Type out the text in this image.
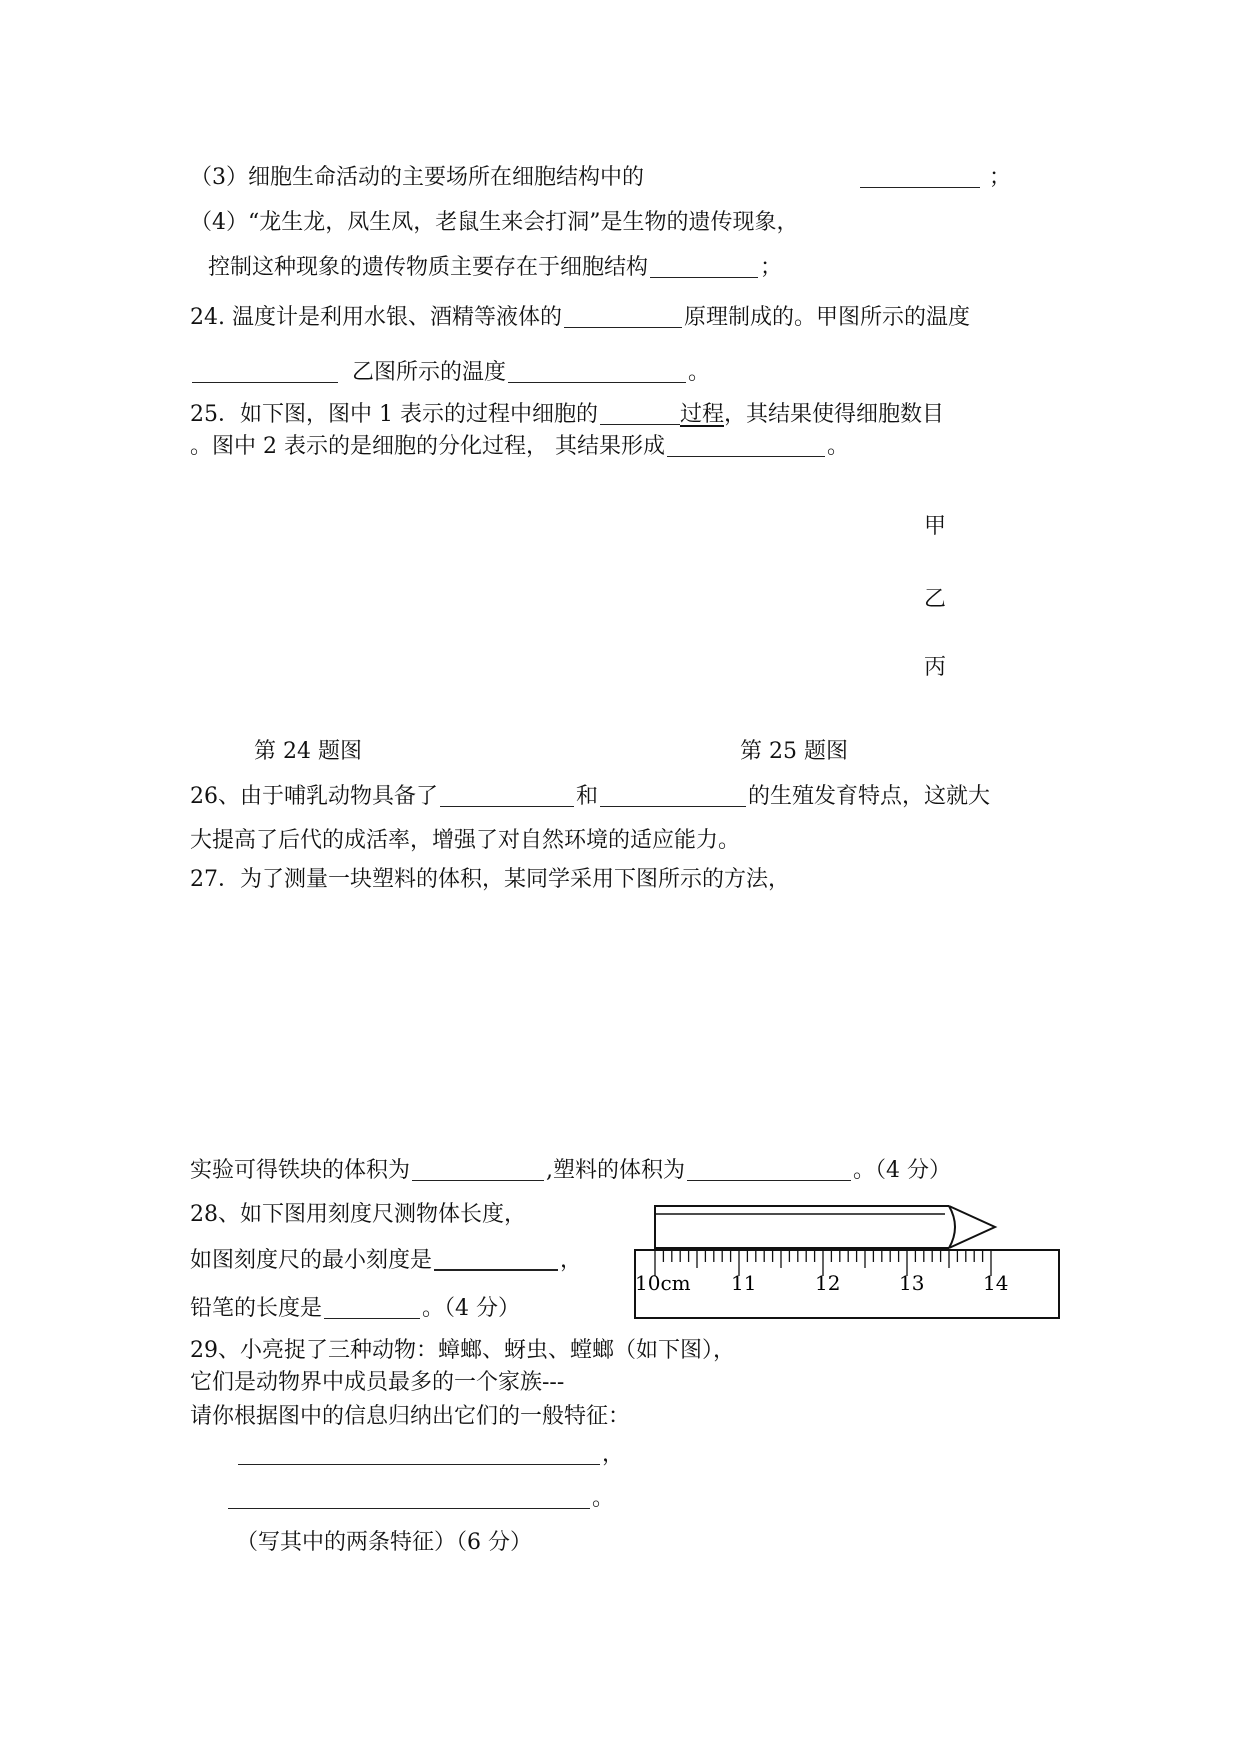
（3）细胞生命活动的主要场所在细胞结构中的	；
（4）“龙生龙，凤生凤，老鼠生来会打洞”是生物的遗传现象，
控制这种现象的遗传物质主要存在于细胞结构	；
24. 温度计是利用水银、酒精等液体的	原理制成的。甲图所示的温度
乙图所示的温度	。
25．如下图，图中 1 表示的过程中细胞的	过程，其结果使得细胞数目
。图中 2 表示的是细胞的分化过程， 其结果形成	。
甲
乙
丙
第 24 题图	第 25 题图
26、由于哺乳动物具备了	和	的生殖发育特点，这就大
大提高了后代的成活率，增强了对自然环境的适应能力。
27．为了测量一块塑料的体积，某同学采用下图所示的方法，
实验可得铁块的体积为	,塑料的体积为	。（4 分）
28、如下图用刻度尺测物体长度，
如图刻度尺的最小刻度是	，
铅笔的长度是	。（4 分）
10cm 11	12	13	14
29、小亮捉了三种动物：蟑螂、蚜虫、螳螂（如下图），
它们是动物界中成员最多的一个家族---
请你根据图中的信息归纳出它们的一般特征：
，
。
（写其中的两条特征）（6 分）
